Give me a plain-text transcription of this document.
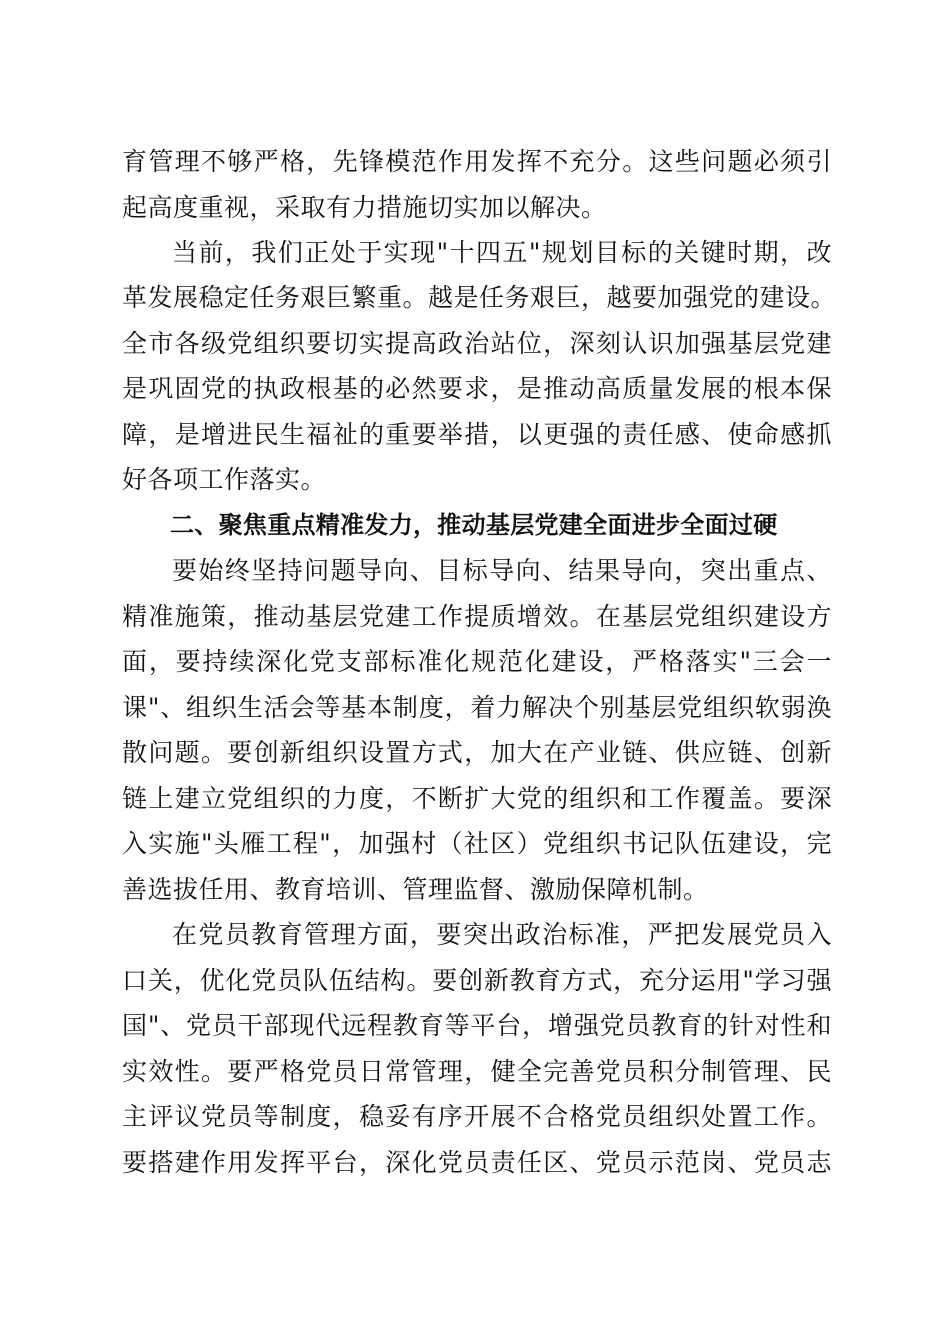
育管理不够严格，先锋模范作用发挥不充分。这些问题必须引
起高度重视，采取有力措施切实加以解决。
当前，我们正处于实现"十四五"规划目标的关键时期，改
革发展稳定任务艰巨繁重。越是任务艰巨，越要加强党的建设。
全市各级党组织要切实提高政治站位，深刻认识加强基层党建
是巩固党的执政根基的必然要求，是推动高质量发展的根本保
障，是增进民生福祉的重要举措，以更强的责任感、使命感抓
好各项工作落实。
二、聚焦重点精准发力，推动基层党建全面进步全面过硬
要始终坚持问题导向、目标导向、结果导向，突出重点、
精准施策，推动基层党建工作提质增效。在基层党组织建设方
面，要持续深化党支部标准化规范化建设，严格落实"三会一
课"、组织生活会等基本制度，着力解决个别基层党组织软弱涣
散问题。要创新组织设置方式，加大在产业链、供应链、创新
链上建立党组织的力度，不断扩大党的组织和工作覆盖。要深
入实施"头雁工程"，加强村（社区）党组织书记队伍建设，完
善选拔任用、教育培训、管理监督、激励保障机制。
在党员教育管理方面，要突出政治标准，严把发展党员入
口关，优化党员队伍结构。要创新教育方式，充分运用"学习强
国"、党员干部现代远程教育等平台，增强党员教育的针对性和
实效性。要严格党员日常管理，健全完善党员积分制管理、民
主评议党员等制度，稳妥有序开展不合格党员组织处置工作。
要搭建作用发挥平台，深化党员责任区、党员示范岗、党员志
